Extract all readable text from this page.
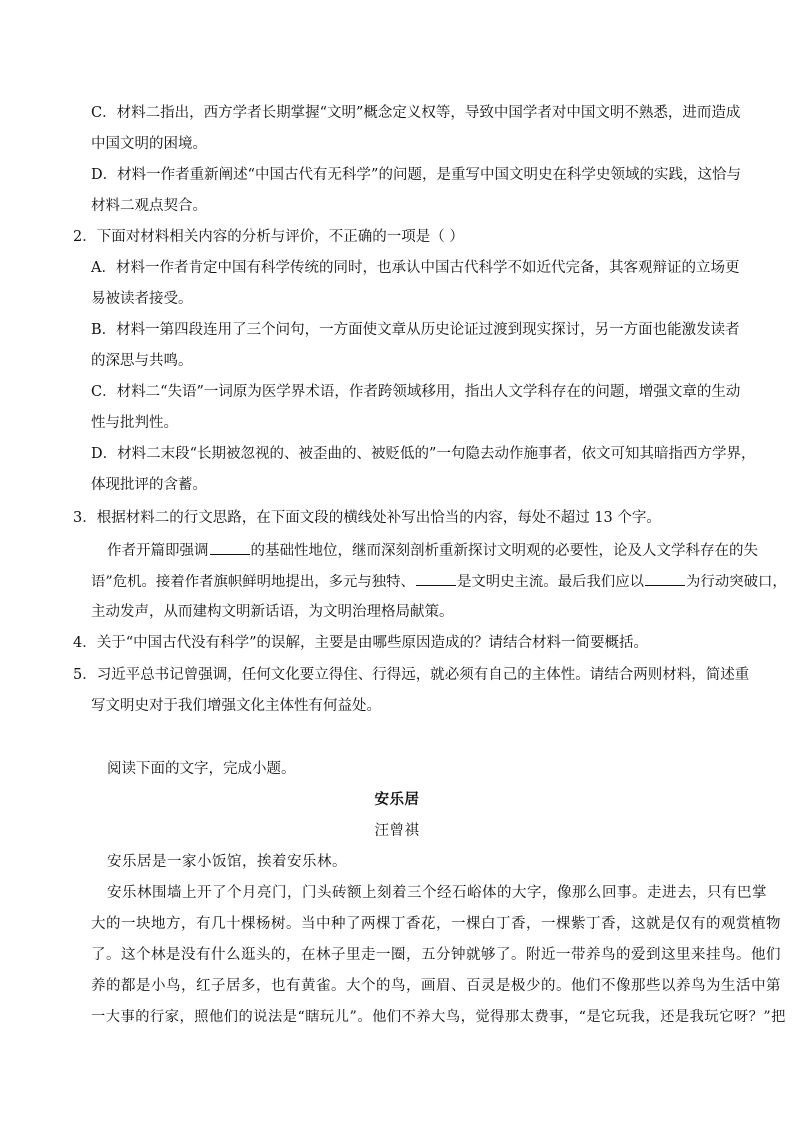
C．材料二指出，西方学者长期掌握“文明”概念定义权等，导致中国学者对中国文明不熟悉，进而造成
中国文明的困境。
D．材料一作者重新阐述“中国古代有无科学”的问题，是重写中国文明史在科学史领域的实践，这恰与
材料二观点契合。
2．下面对材料相关内容的分析与评价，不正确的一项是（ ）
A．材料一作者肯定中国有科学传统的同时，也承认中国古代科学不如近代完备，其客观辩证的立场更
易被读者接受。
B．材料一第四段连用了三个问句，一方面使文章从历史论证过渡到现实探讨，另一方面也能激发读者
的深思与共鸣。
C．材料二“失语”一词原为医学界术语，作者跨领域移用，指出人文学科存在的问题，增强文章的生动
性与批判性。
D．材料二末段“长期被忽视的、被歪曲的、被贬低的”一句隐去动作施事者，依文可知其暗指西方学界，
体现批评的含蓄。
3．根据材料二的行文思路，在下面文段的横线处补写出恰当的内容，每处不超过 13 个字。
作者开篇即强调	的基础性地位，继而深刻剖析重新探讨文明观的必要性，论及人文学科存在的失
语”危机。接着作者旗帜鲜明地提出，多元与独特、	是文明史主流。最后我们应以	为行动突破口，
主动发声，从而建构文明新话语，为文明治理格局献策。
4．关于“中国古代没有科学”的误解，主要是由哪些原因造成的？请结合材料一简要概括。
5．习近平总书记曾强调，任何文化要立得住、行得远，就必须有自己的主体性。请结合两则材料，简述重
写文明史对于我们增强文化主体性有何益处。
阅读下面的文字，完成小题。
安乐居
汪曾祺
安乐居是一家小饭馆，挨着安乐林。
安乐林围墙上开了个月亮门，门头砖额上刻着三个经石峪体的大字，像那么回事。走进去，只有巴掌
大的一块地方，有几十棵杨树。当中种了两棵丁香花，一棵白丁香，一棵紫丁香，这就是仅有的观赏植物
了。这个林是没有什么逛头的，在林子里走一圈，五分钟就够了。附近一带养鸟的爱到这里来挂鸟。他们
养的都是小鸟，红子居多，也有黄雀。大个的鸟，画眉、百灵是极少的。他们不像那些以养鸟为生活中第
一大事的行家，照他们的说法是“瞎玩儿”。他们不养大鸟，觉得那太费事，“是它玩我，还是我玩它呀？”把
